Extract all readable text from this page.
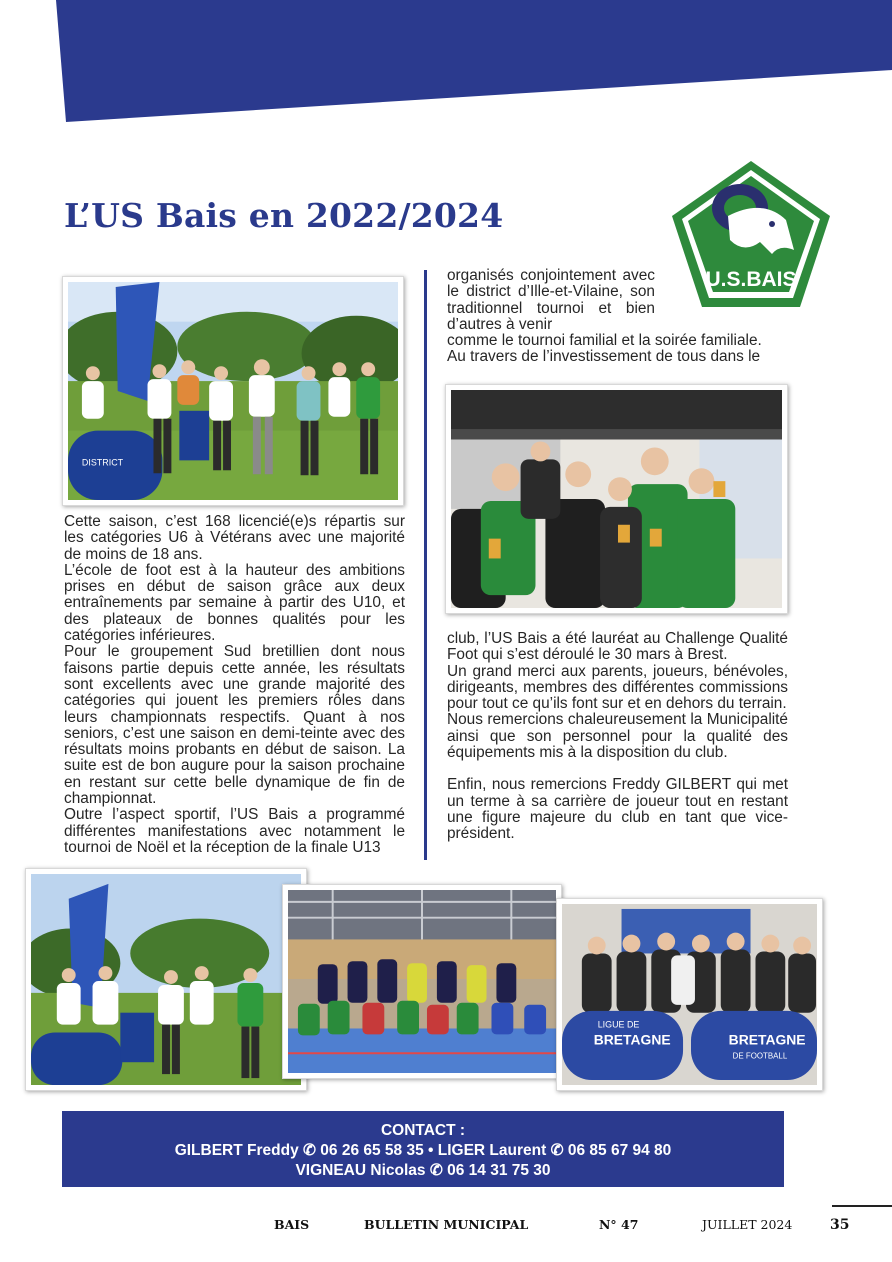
L’US Bais en 2022/2024
U.S.BAIS
DISTRICT

Cette saison, c’est 168 licencié(e)s répartis sur les catégories U6 à Vétérans avec une majorité de moins de 18 ans.

L’école de foot est à la hauteur des ambitions prises en début de saison grâce aux deux entraînements par semaine à partir des U10, et des plateaux de bonnes qualités pour les catégories inférieures.

Pour le groupement Sud bretillien dont nous faisons partie depuis cette année, les résultats sont excellents avec une grande majorité des catégories qui jouent les premiers rôles dans leurs championnats respectifs. Quant à nos seniors, c’est une saison en demi-teinte avec des résultats moins probants en début de saison. La suite est de bon augure pour la saison prochaine en restant sur cette belle dynamique de fin de championnat.

Outre l’aspect sportif, l’US Bais a programmé différentes manifestations avec notamment le tournoi de Noël et la réception de la finale U13

organisés conjointement avec le district d’Ille-et-Vilaine, son traditionnel tournoi et bien d’autres à venir

comme le tournoi familial et la soirée familiale.

Au travers de l’investissement de tous dans le

club, l’US Bais a été lauréat au Challenge Qualité Foot qui s’est déroulé le 30 mars à Brest.

Un grand merci aux parents, joueurs, bénévoles, dirigeants, membres des différentes commissions pour tout ce qu’ils font sur et en dehors du terrain.

Nous remercions chaleureusement la Municipalité ainsi que son personnel pour la qualité des équipements mis à la disposition du club.

Enfin, nous remercions Freddy GILBERT qui met un terme à sa carrière de joueur tout en restant une figure majeure du club en tant que vice-président.

BRETAGNE
LIGUE DE
BRETAGNE
DE FOOTBALL
CONTACT :
GILBERT Freddy ✆ 06 26 65 58 35 • LIGER Laurent ✆ 06 85 67 94 80
VIGNEAU Nicolas ✆ 06 14 31 75 30
BAIS	BULLETIN MUNICIPAL	N° 47	JUILLET 2024	35
